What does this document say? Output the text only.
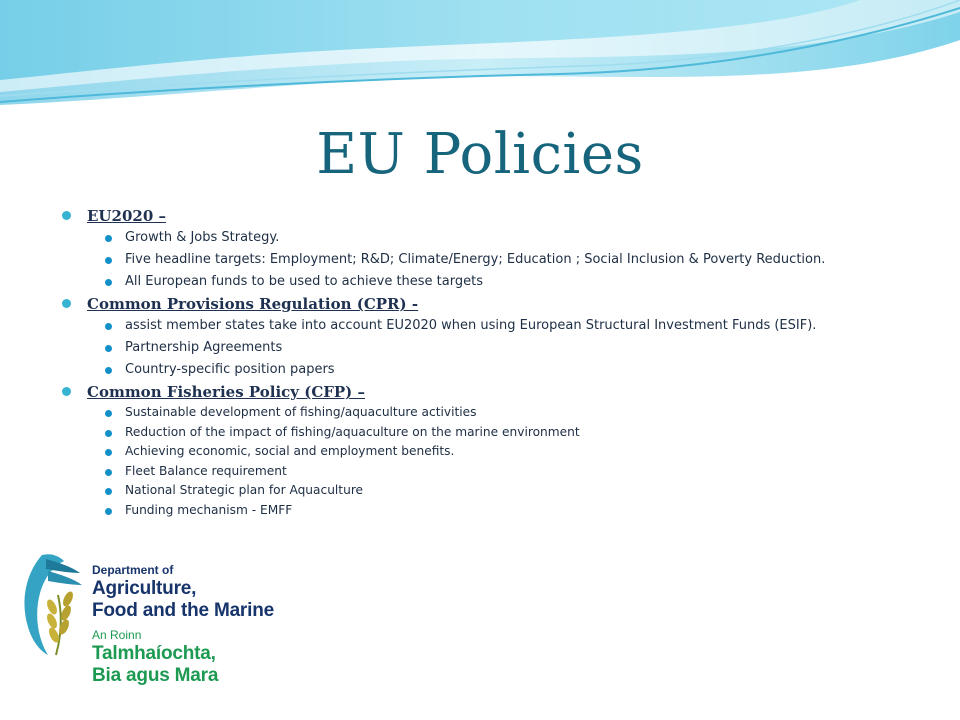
EU Policies
EU2020 –
Growth & Jobs Strategy.
Five headline targets: Employment; R&D; Climate/Energy; Education ; Social Inclusion & Poverty Reduction.
All European funds to be used to achieve these targets
Common Provisions Regulation (CPR) -
assist member states take into account EU2020 when using European Structural Investment Funds (ESIF).
Partnership Agreements
Country-specific position papers
Common Fisheries Policy (CFP) –
Sustainable development of fishing/aquaculture activities
Reduction of the impact of fishing/aquaculture on the marine environment
Achieving economic, social and employment benefits.
Fleet Balance requirement
National Strategic plan for Aquaculture
Funding mechanism - EMFF
Department of
Agriculture,
Food and the Marine
An Roinn
Talmhaíochta,
Bia agus Mara
